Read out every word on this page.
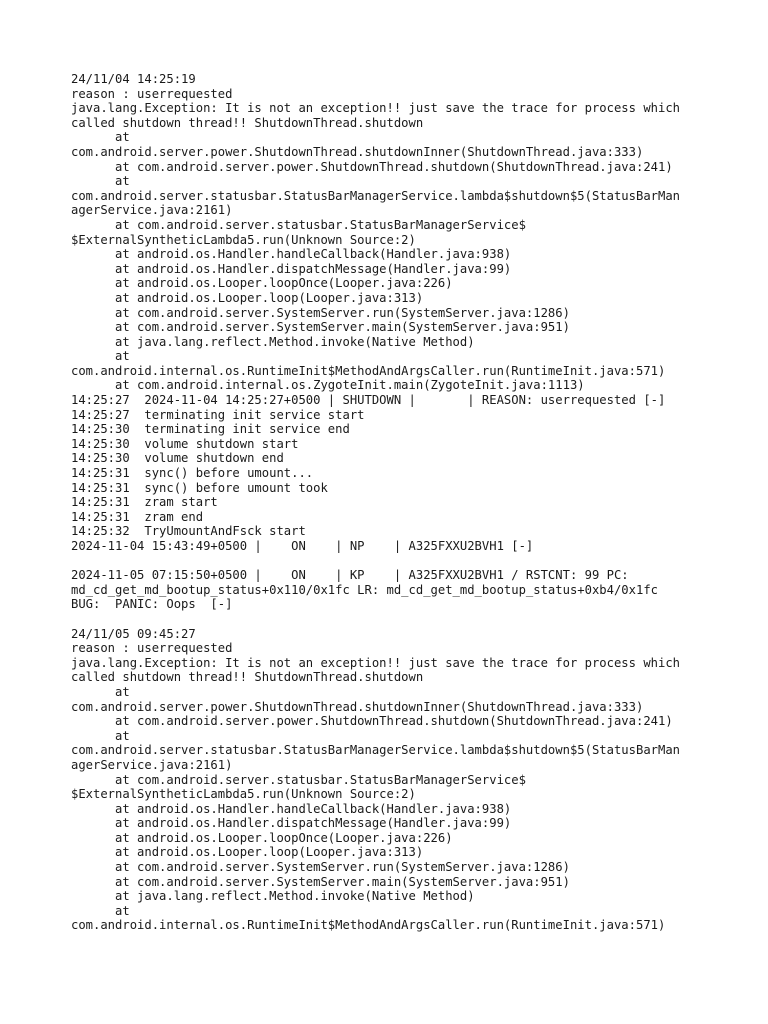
24/11/04 14:25:19
reason : userrequested
java.lang.Exception: It is not an exception!! just save the trace for process which
called shutdown thread!! ShutdownThread.shutdown
at
com.android.server.power.ShutdownThread.shutdownInner(ShutdownThread.java:333)
at com.android.server.power.ShutdownThread.shutdown(ShutdownThread.java:241)
at
com.android.server.statusbar.StatusBarManagerService.lambda$shutdown$5(StatusBarMan
agerService.java:2161)
at com.android.server.statusbar.StatusBarManagerService$
$ExternalSyntheticLambda5.run(Unknown Source:2)
at android.os.Handler.handleCallback(Handler.java:938)
at android.os.Handler.dispatchMessage(Handler.java:99)
at android.os.Looper.loopOnce(Looper.java:226)
at android.os.Looper.loop(Looper.java:313)
at com.android.server.SystemServer.run(SystemServer.java:1286)
at com.android.server.SystemServer.main(SystemServer.java:951)
at java.lang.reflect.Method.invoke(Native Method)
at
com.android.internal.os.RuntimeInit$MethodAndArgsCaller.run(RuntimeInit.java:571)
at com.android.internal.os.ZygoteInit.main(ZygoteInit.java:1113)
14:25:27  2024-11-04 14:25:27+0500 | SHUTDOWN |       | REASON: userrequested [-]
14:25:27  terminating init service start
14:25:30  terminating init service end
14:25:30  volume shutdown start
14:25:30  volume shutdown end
14:25:31  sync() before umount...
14:25:31  sync() before umount took
14:25:31  zram start
14:25:31  zram end
14:25:32  TryUmountAndFsck start
2024-11-04 15:43:49+0500 |    ON    | NP    | A325FXXU2BVH1 [-]
2024-11-05 07:15:50+0500 |    ON    | KP    | A325FXXU2BVH1 / RSTCNT: 99 PC:
md_cd_get_md_bootup_status+0x110/0x1fc LR: md_cd_get_md_bootup_status+0xb4/0x1fc
BUG:  PANIC: Oops  [-]
24/11/05 09:45:27
reason : userrequested
java.lang.Exception: It is not an exception!! just save the trace for process which
called shutdown thread!! ShutdownThread.shutdown
at
com.android.server.power.ShutdownThread.shutdownInner(ShutdownThread.java:333)
at com.android.server.power.ShutdownThread.shutdown(ShutdownThread.java:241)
at
com.android.server.statusbar.StatusBarManagerService.lambda$shutdown$5(StatusBarMan
agerService.java:2161)
at com.android.server.statusbar.StatusBarManagerService$
$ExternalSyntheticLambda5.run(Unknown Source:2)
at android.os.Handler.handleCallback(Handler.java:938)
at android.os.Handler.dispatchMessage(Handler.java:99)
at android.os.Looper.loopOnce(Looper.java:226)
at android.os.Looper.loop(Looper.java:313)
at com.android.server.SystemServer.run(SystemServer.java:1286)
at com.android.server.SystemServer.main(SystemServer.java:951)
at java.lang.reflect.Method.invoke(Native Method)
at
com.android.internal.os.RuntimeInit$MethodAndArgsCaller.run(RuntimeInit.java:571)
